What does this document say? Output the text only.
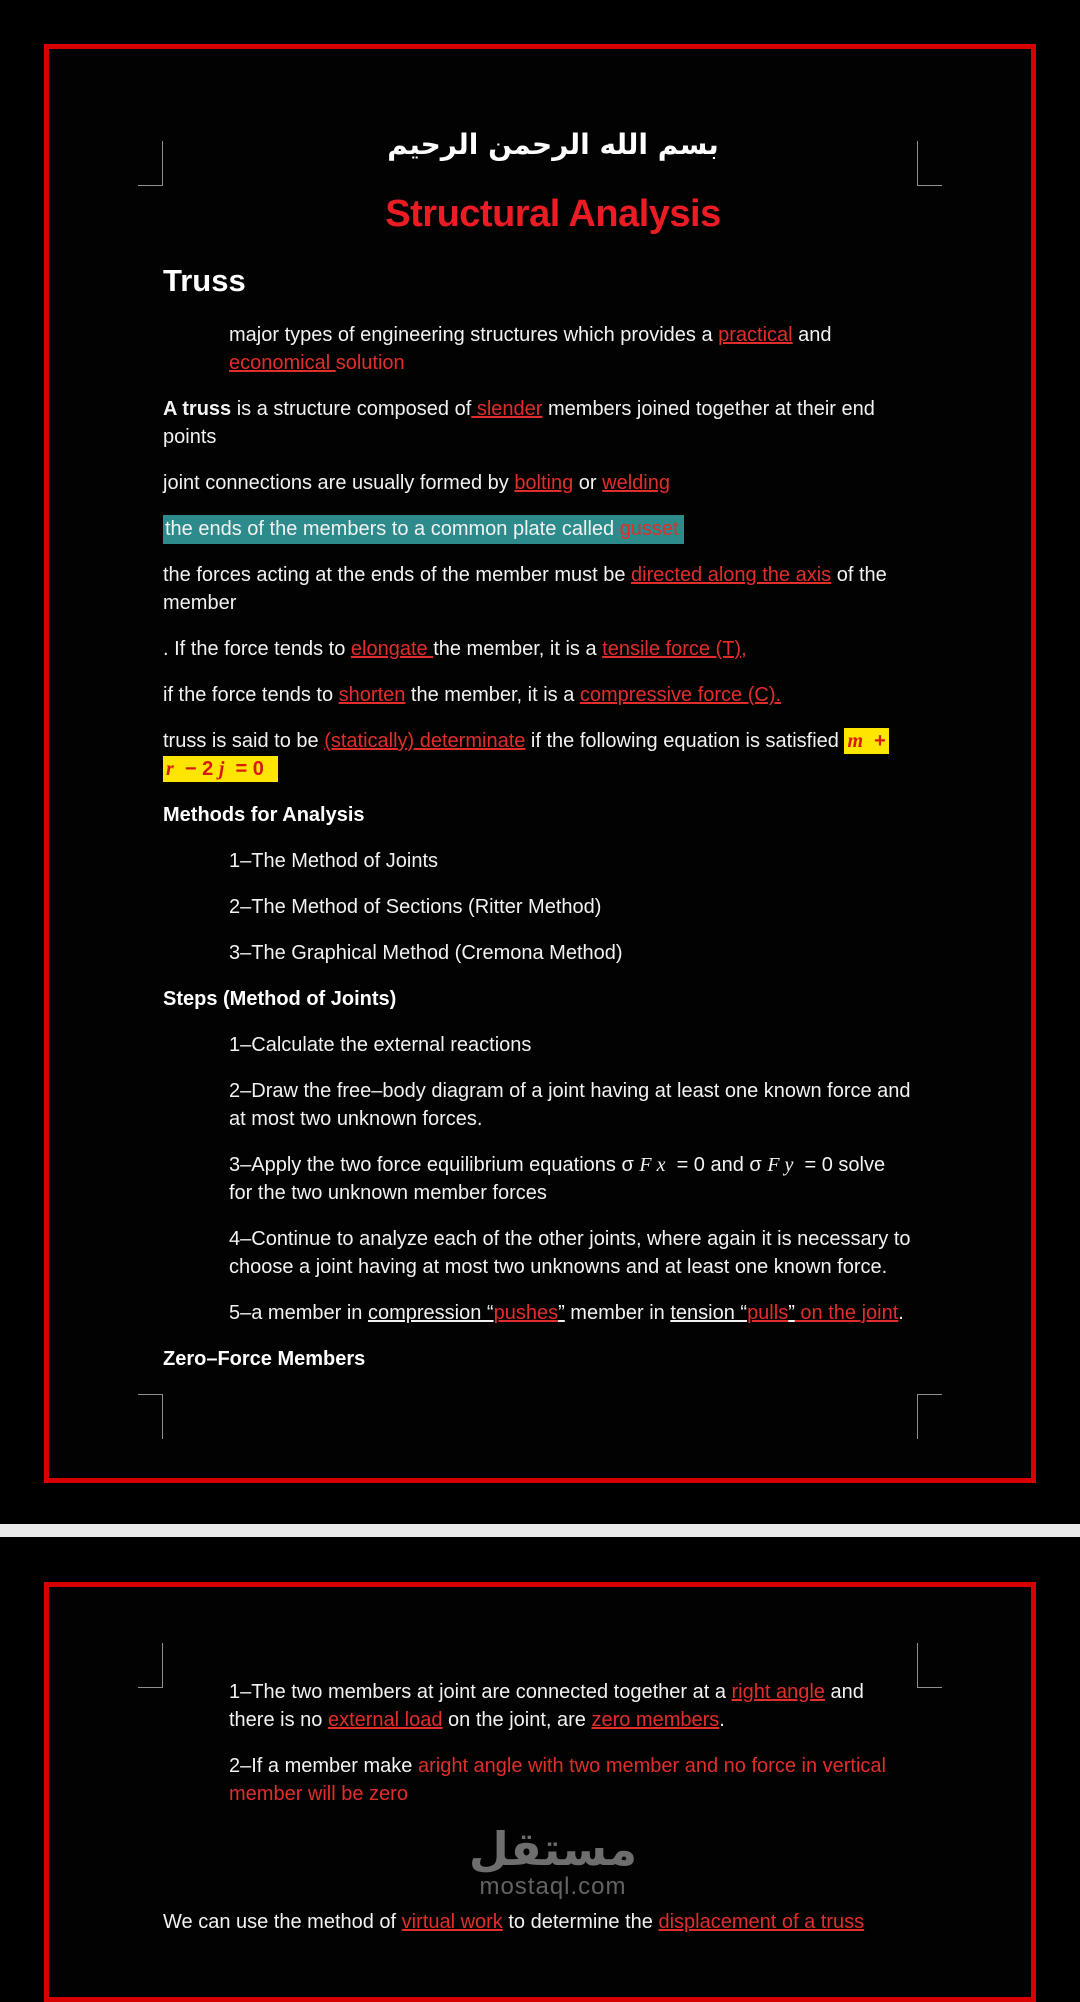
بسم الله الرحمن الرحيم
Structural Analysis
Truss

major types of engineering structures which provides a practical and
economical solution

A truss is a structure composed of slender members joined together at their end
points

joint connections are usually formed by bolting or welding

the ends of the members to a common plate called gusset

the forces acting at the ends of the member must be directed along the axis of the
member

. If the force tends to elongate the member, it is a tensile force (T),

if the force tends to shorten the member, it is a compressive force (C).

truss is said to be (statically) determinate if the following equation is satisfied m  +
r  − 2 j  = 0

Methods for Analysis

1–The Method of Joints

2–The Method of Sections (Ritter Method)

3–The Graphical Method (Cremona Method)

Steps (Method of Joints)

1–Calculate the external reactions

2–Draw the free–body diagram of a joint having at least one known force and
at most two unknown forces.

3–Apply the two force equilibrium equations σ F x  = 0 and σ F y  = 0 solve
for the two unknown member forces

4–Continue to analyze each of the other joints, where again it is necessary to
choose a joint having at most two unknowns and at least one known force.

5–a member in compression “pushes” member in tension “pulls” on the joint.

Zero–Force Members

1–The two members at joint are connected together at a right angle and
there is no external load on the joint, are zero members.

2–If a member make aright angle with two member and no force in vertical
member will be zero

مستقل
mostaql.com

We can use the method of virtual work to determine the displacement of a truss
